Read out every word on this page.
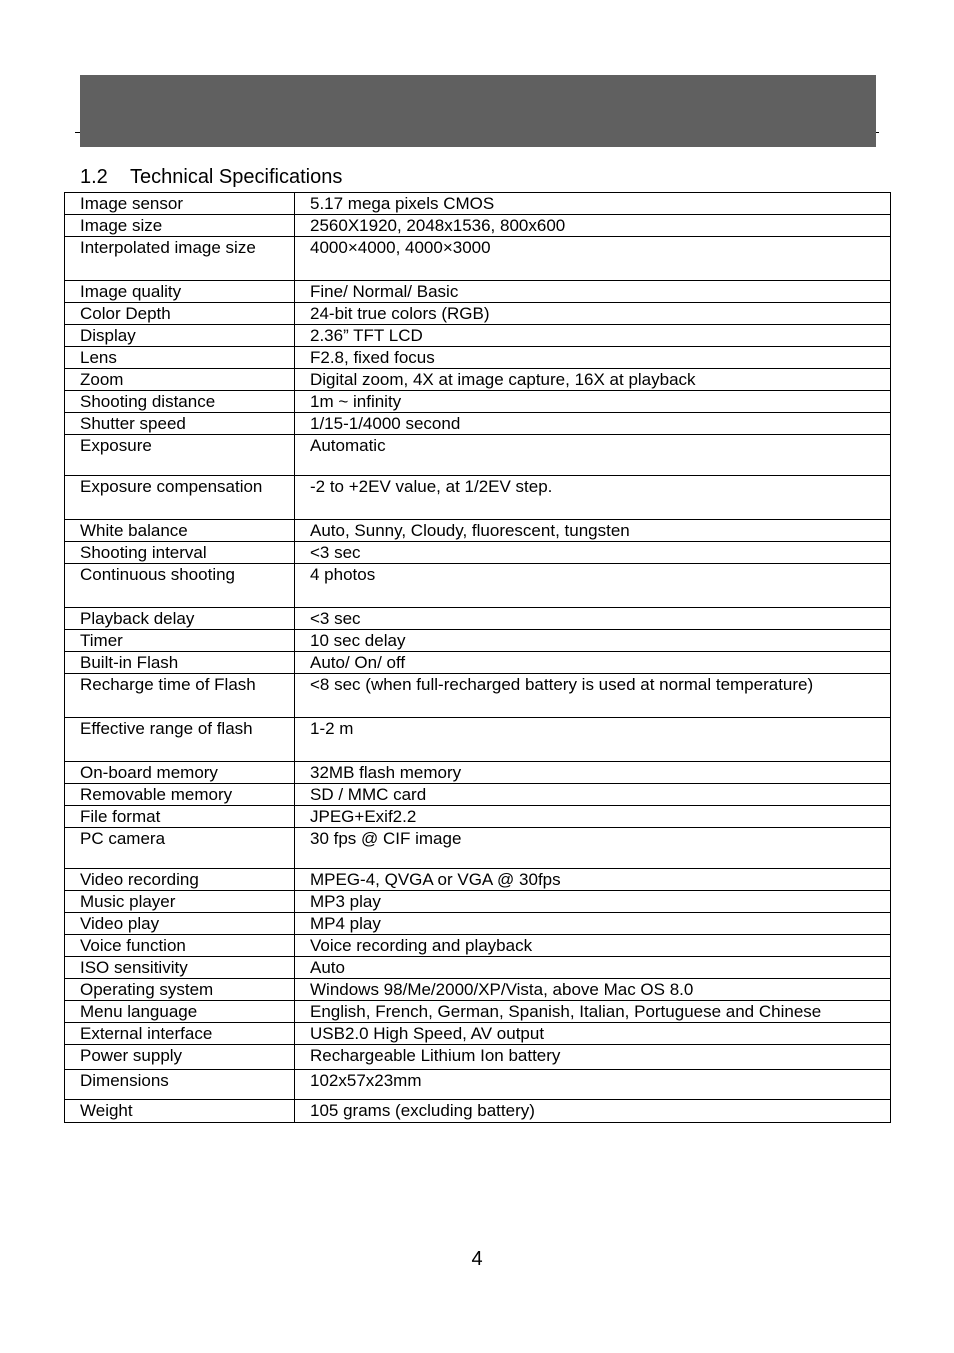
1.2 Technical Specifications
Image sensor	5.17 mega pixels CMOS
Image size	2560X1920, 2048x1536, 800x600
Interpolated image size	4000×4000, 4000×3000
Image quality	Fine/ Normal/ Basic
Color Depth	24-bit true colors (RGB)
Display	2.36” TFT LCD
Lens	F2.8, fixed focus
Zoom	Digital zoom, 4X at image capture, 16X at playback
Shooting distance	1m ~ infinity
Shutter speed	1/15-1/4000 second
Exposure	Automatic
Exposure compensation	-2 to +2EV value, at 1/2EV step.
White balance	Auto, Sunny, Cloudy, fluorescent, tungsten
Shooting interval	<3 sec
Continuous shooting	4 photos
Playback delay	<3 sec
Timer	10 sec delay
Built-in Flash	Auto/ On/ off
Recharge time of Flash	<8 sec (when full-recharged battery is used at normal temperature)
Effective range of flash	1-2 m
On-board memory	32MB flash memory
Removable memory	SD / MMC card
File format	JPEG+Exif2.2
PC camera	30 fps @ CIF image
Video recording	MPEG-4, QVGA or VGA @ 30fps
Music player	MP3 play
Video play	MP4 play
Voice function	Voice recording and playback
ISO sensitivity	Auto
Operating system	Windows 98/Me/2000/XP/Vista, above Mac OS 8.0
Menu language	English, French, German, Spanish, Italian, Portuguese and Chinese
External interface	USB2.0 High Speed, AV output
Power supply	Rechargeable Lithium Ion battery
Dimensions	102x57x23mm
Weight	105 grams (excluding battery)
4
